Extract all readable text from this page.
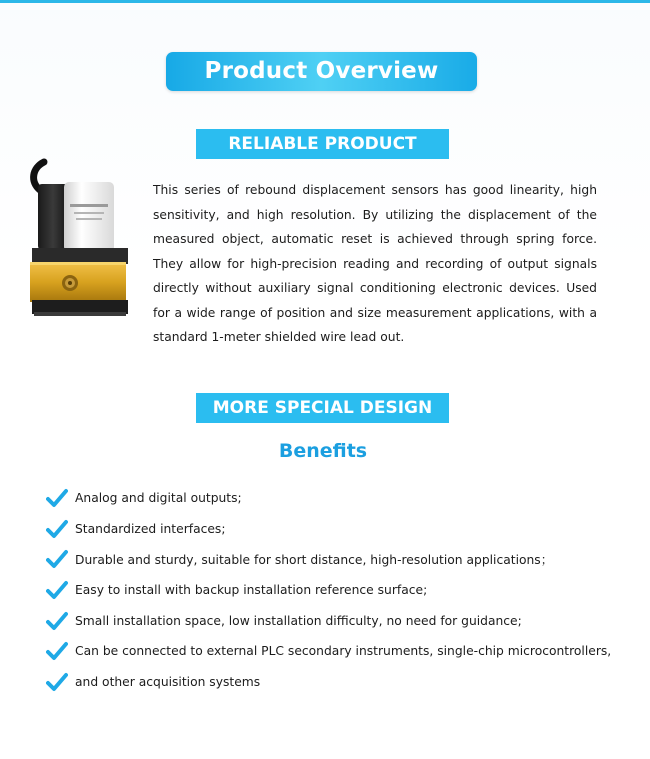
Product Overview
RELIABLE PRODUCT

This series of rebound displacement sensors has good linearity, high sensitivity, and high resolution. By utilizing the displacement of the measured object, automatic reset is achieved through spring force. They allow for high-precision reading and recording of output signals directly without auxiliary signal conditioning electronic devices. Used for a wide range of position and size measurement applications, with a standard 1-meter shielded wire lead out.

MORE SPECIAL DESIGN
Benefits
Analog and digital outputs;
Standardized interfaces;
Durable and sturdy, suitable for short distance, high-resolution applications；
Easy to install with backup installation reference surface;
Small installation space, low installation difficulty, no need for guidance;
Can be connected to external PLC secondary instruments, single-chip microcontrollers,
and other acquisition systems
